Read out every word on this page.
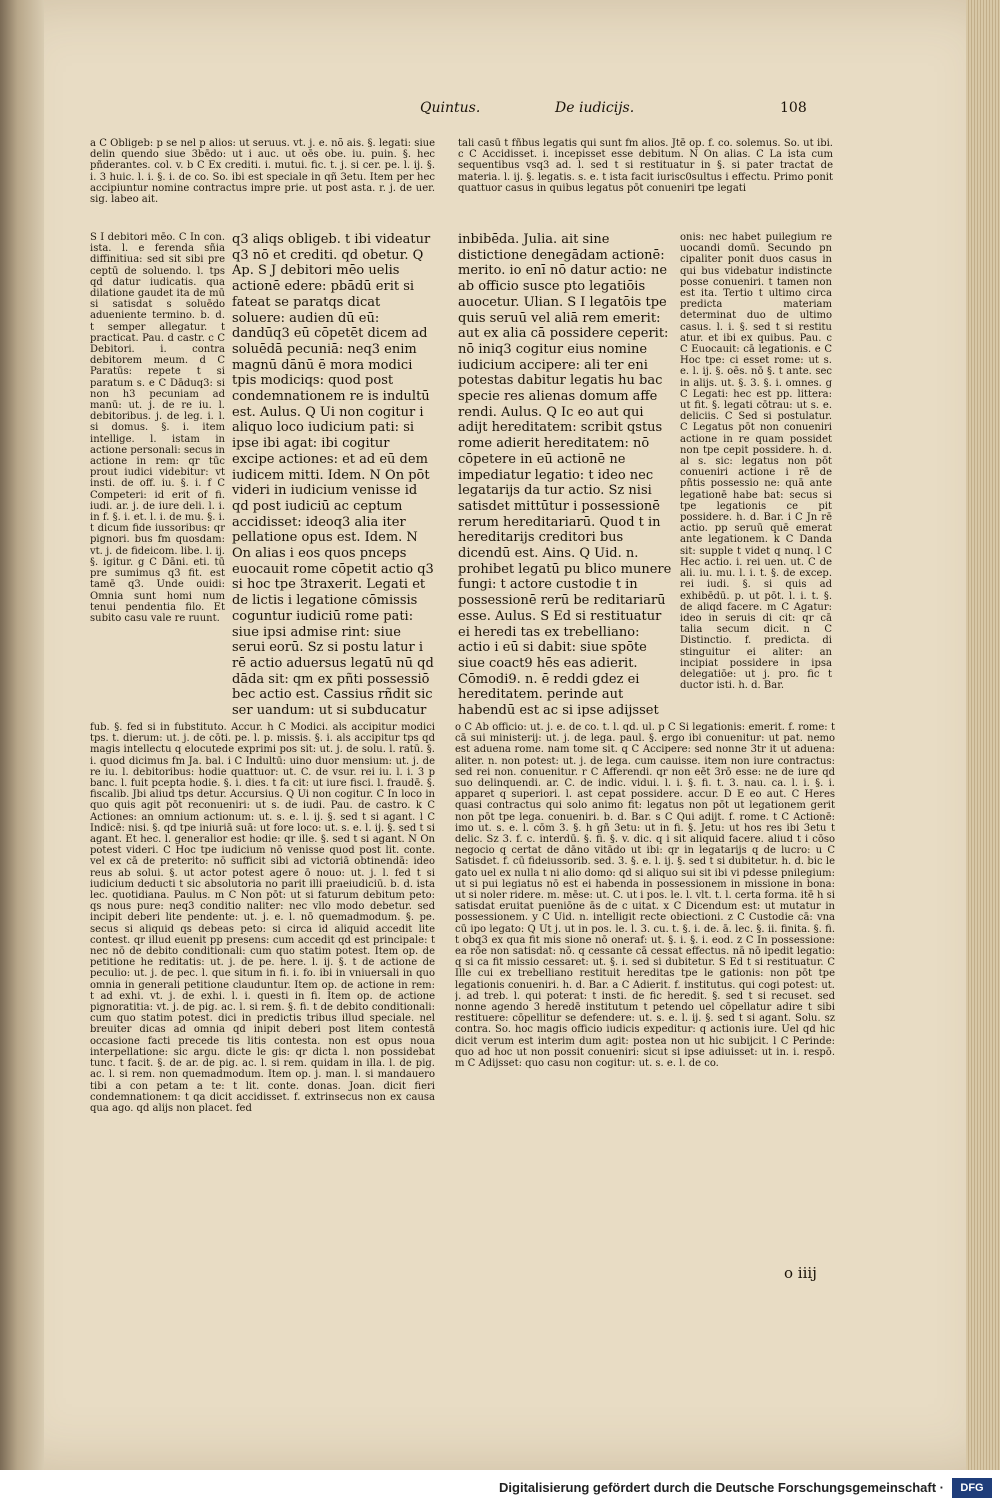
Quintus.	De iudicijs.	108
a C Obligeb: p se nel p alios: ut seruus. vt. j. e. nõ ais. §. legati: siue delin quendo siue 3bēdo: ut i auc. ut oēs obe. iu. puin. §. hec pñderantes. col. v. b C Ex crediti. i. mutui. fic. t. j. si cer. pe. l. ij. §. i. 3 huic. l. i. §. i. de co. So. ibi est speciale in qñ 3etu. Item per hec accipiuntur nomine contractus impre prie. ut post asta. r. j. de uer. sig. labeo ait.
tali casū t fñbus legatis qui sunt fm alios. Jtē op. f. co. solemus. So. ut ibi. c C Accidisset. i. incepisset esse debitum. N On alias. C La ista cum sequentibus vsq3 ad. l. sed t si restituatur in §. si pater tractat de materia. l. ij. §. legatis. s. e. t ista facit iurisc0sultus i effectu. Primo ponit quattuor casus in quibus legatus pōt conueniri tpe legati
S I debitori mēo. C In con. ista. l. e ferenda sñia diffinitiua: sed sit sibi pre ceptū de soluendo. l. tps qd datur iudicatis. qua dilatione gaudet ita de mū si satisdat s soluēdo adueniente termino. b. d. t semper allegatur. t practicat. Pau. d castr. c C Debitori. i. contra debitorem meum. d C Paratūs: repete t si paratum s. e C Dāduq3: si non h3 pecuniam ad manū: ut. j. de re iu. l. debitoribus. j. de leg. i. l. si domus. §. i. item intellige. l. istam in actione personali: secus in actione in rem: qr tūc prout iudici videbitur: vt insti. de off. iu. §. i. f C Competeri: id erit of fi. iudi. ar. j. de iure deli. l. i. in f. §. i. et. l. i. de mu. §. i. t dicum fide iussoribus: qr pignori. bus fm quosdam: vt. j. de fideicom. libe. l. ij. §. igitur. g C Dāni. eti. tū pre sumimus q3 fit. est tamē q3. Unde ouidi: Omnia sunt homi num tenui pendentia filo. Et subito casu vale re ruunt.
q3 aliqs obligeb. t ibi videatur q3 nō et crediti. qd obetur. Q Ap. S J debitori mēo uelis actionē edere: pbādū erit si fateat se paratqs dicat soluere: audien dū eū: dandūq3 eū cōpetēt dicem ad soluēdā pecuniā: neq3 enim magnū dānū ē mora modici tpis modiciqs: quod post condemnationem re is indultū est. Aulus. Q Ui non cogitur i aliquo loco iudicium pati: si ipse ibi agat: ibi cogitur excipe actiones: et ad eū dem iudicem mitti. Idem. N On pōt videri in iudicium venisse id qd post iudiciū ac ceptum accidisset: ideoq3 alia iter pellatione opus est. Idem. N On alias i eos quos pnceps euocauit rome cōpetit actio q3 si hoc tpe 3traxerit. Legati et de lictis i legatione cōmissis coguntur iudiciū rome pati: siue ipsi admise rint: siue serui eorū. Sz si postu latur i rē actio aduersus legatū nū qd dāda sit: qm ex pñti possessiō bec actio est. Cassius rñdit sic ser uandum: ut si subducatur
inbibēda. Julia. ait sine distictione denegādam actionē: merito. io enī nō datur actio: ne ab officio susce pto legatiōis auocetur. Ulian. S I legatōis tpe quis seruū vel aliā rem emerit: aut ex alia cā possidere ceperit: nō iniq3 cogitur eius nomine iudicium accipere: ali ter eni potestas dabitur legatis hu bac specie res alienas domum affe rendi. Aulus. Q Ic eo aut qui adijt hereditatem: scribit qstus rome adierit hereditatem: nō cōpetere in eū actionē ne impediatur legatio: t ideo nec legatarijs da tur actio. Sz nisi satisdet mittūtur i possessionē rerum hereditariarū. Quod t in hereditarijs creditori bus dicendū est. Ains. Q Uid. n. prohibet legatū pu blico munere fungi: t actore custodie t in possessionē rerū be reditariarū esse. Aulus. S Ed si restituatur ei heredi tas ex trebelliano: actio i eū si dabit: siue spōte siue coact9 hēs eas adierit. Cōmodi9. n. ē reddi gdez ei hereditatem. perinde aut habendū est ac si ipse adijsset
onis: nec habet puilegium re uocandi domū. Secundo pn cipaliter ponit duos casus in qui bus videbatur indistincte posse conueniri. t tamen non est ita. Tertio t ultimo circa predicta materiam determinat duo de ultimo casus. l. i. §. sed t si restitu atur. et ibi ex quibus. Pau. c C Euocauit: cā legationis. e C Hoc tpe: ci esset rome: ut s. e. l. ij. §. oēs. nō §. t ante. sec in alijs. ut. §. 3. §. i. omnes. g C Legati: hec est pp. littera: ut fit. §. legati cōtrau: ut s. e. deliciis. C Sed si postulatur. C Legatus pōt non conueniri actione in re quam possidet non tpe cepit possidere. h. d. al s. sic: legatus non pōt conueniri actione i rē de pñtis possessio ne: quā ante legationē habe bat: secus si tpe legationis ce pit possidere. h. d. Bar. i C Jn rē actio. pp seruū quē emerat ante legationem. k C Danda sit: supple t videt q nunq. l C Hec actio. i. rei uen. ut. C de ali. iu. mu. l. i. t. §. de excep. rei iudi. §. si quis ad exhibēdū. p. ut pōt. l. i. t. §. de aliqd facere. m C Agatur: ideo in seruis di cit: qr cā talia secum dicit. n C Distinctio. f. predicta. di stinguitur ei aliter: an incipiat possidere in ipsa delegatiōe: ut j. pro. fic t ductor isti. h. d. Bar.
fub. §. fed si in fubstituto. Accur. h C Modici. als accipitur modici tps. t. dierum: ut. j. de cōti. pe. l. p. missis. §. i. als accipitur tps qd magis intellectu q elocutede exprimi pos sit: ut. j. de solu. l. ratū. §. i. quod dicimus fm Ja. bal. i C Indultū: uino duor mensium: ut. j. de re iu. l. debitoribus: hodie quattuor: ut. C. de vsur. rei iu. l. i. 3 p banc. l. fuit pcepta hodie. §. i. dies. t fa cit: ut iure fisci. l. fraudē. §. fiscalib. Jbi aliud tps detur. Accursius. Q Ui non cogitur. C In loco in quo quis agit pōt reconueniri: ut s. de iudi. Pau. de castro. k C Actiones: an omnium actionum: ut. s. e. l. ij. §. sed t si agant. l C Indicē: nisi. §. qd tpe iniuriā suā: ut fore loco: ut. s. e. l. ij. §. sed t si agant. Et hec. l. generalior est hodie: qr ille. §. sed t si agant. N On potest videri. C Hoc tpe iudicium nō venisse quod post lit. conte. vel ex cā de preterito: nō sufficit sibi ad victoriā obtinendā: ideo reus ab solui. §. ut actor potest agere ō nouo: ut. j. l. fed t si iudicium deducti t sic absolutoria no parit illi praeiudiciū. b. d. ista lec. quotidiana. Paulus. m C Non pōt: ut si faturum debitum peto: qs nous pure: neq3 conditio naliter: nec vllo modo debetur. sed incipit deberi lite pendente: ut. j. e. l. nō quemadmodum. §. pe. secus si aliquid qs debeas peto: si circa id aliquid accedit lite contest. qr illud euenit pp presens: cum accedit qd est principale: t nec nō de debito conditionali: cum quo statim potest. Item op. de petitione he reditatis: ut. j. de pe. here. l. ij. §. t de actione de peculio: ut. j. de pec. l. que situm in fi. i. fo. ibi in vniuersali in quo omnia in generali petitione clauduntur. Item op. de actione in rem: t ad exhi. vt. j. de exhi. l. i. questi in fi. Item op. de actione pignoratitia: vt. j. de pig. ac. l. si rem. §. fi. t de debito conditionali: cum quo statim potest. dici in predictis tribus illud speciale. nel breuiter dicas ad omnia qd inipit deberi post litem contestā occasione facti precede tis litis contesta. non est opus noua interpellatione: sic argu. dicte le gis: qr dicta l. non possidebat tunc. t facit. §. de ar. de pig. ac. l. si rem. quidam in illa. l. de pig. ac. l. si rem. non quemadmodum. Item op. j. man. l. si mandauero tibi a con petam a te: t lit. conte. donas. Joan. dicit fieri condemnationem: t qa dicit accidisset. f. extrinsecus non ex causa qua ago. qd alijs non placet. fed
o C Ab officio: ut. j. e. de co. t. l. qd. ul. p C Si legationis: emerit. f. rome: t cā sui ministerij: ut. j. de lega. paul. §. ergo ibi conuenitur: ut pat. nemo est aduena rome. nam tome sit. q C Accipere: sed nonne 3tr it ut aduena: aliter. n. non potest: ut. j. de lega. cum cauisse. item non iure contractus: sed rei non. conuenitur. r C Afferendi. qr non eēt 3rō esse: ne de iure qd suo delinquendi. ar. C. de indic. vidui. l. i. §. fi. t. 3. nau. ca. l. i. §. i. apparet q superiori. l. ast cepat possidere. accur. D E eo aut. C Heres quasi contractus qui solo animo fit: legatus non pōt ut legationem gerit non pōt tpe lega. conueniri. b. d. Bar. s C Qui adijt. f. rome. t C Actionē: imo ut. s. e. l. cōm 3. §. h gñ 3etu: ut in fi. §. Jetu: ut hos res ibi 3etu t delic. Sz 3. f. c. interdū. §. fi. §. v. dic. q i sit aliquid facere. aliud t i cōso negocio q certat de dāno vitādo ut ibi: qr in legatarijs q de lucro: u C Satisdet. f. cū fideiussorib. sed. 3. §. e. l. ij. §. sed t si dubitetur. h. d. bic le gato uel ex nulla t ni alio domo: qd si aliquo sui sit ibi vi pdesse pnilegium: ut si pui legiatus nō est ei habenda in possessionem in missione in bona: ut si noler ridere. m. mēse: ut. C. ut i pos. le. l. vlt. t. l. certa forma. itē h si satisdat eruitat pueniōne ās de c uitat. x C Dicendum est: ut mutatur in possessionem. y C Uid. n. intelligit recte obiectioni. z C Custodie cā: vna cū ipo legato: Q Ut j. ut in pos. le. l. 3. cu. t. §. i. de. ā. lec. §. ii. finita. §. fi. t obq3 ex qua fit mis sione nō oneraf: ut. §. i. §. i. eod. z C In possessione: ea rōe non satisdat: nō. q cessante cā cessat effectus. nā nō ipedit legatio: q si ca fit missio cessaret: ut. §. i. sed si dubitetur. S Ed t si restituatur. C Ille cui ex trebelliano restituit hereditas tpe le gationis: non pōt tpe legationis conueniri. h. d. Bar. a C Adierit. f. institutus. qui cogi potest: ut. j. ad treb. l. qui poterat: t insti. de fic heredit. §. sed t si recuset. sed nonne agendo 3 heredē institutum t petendo uel cōpellatur adire t sibi restituere: cōpellitur se defendere: ut. s. e. l. ij. §. sed t si agant. Solu. sz contra. So. hoc magis officio iudicis expeditur: q actionis iure. Uel qd hic dicit verum est interim dum agit: postea non ut hic subijcit. l C Perinde: quo ad hoc ut non possit conueniri: sicut si ipse adiuisset: ut in. i. respō. m C Adijsset: quo casu non cogitur: ut. s. e. l. de co.
o iiij
Digitalisierung gefördert durch die Deutsche Forschungsgemeinschaft ·	DFG
